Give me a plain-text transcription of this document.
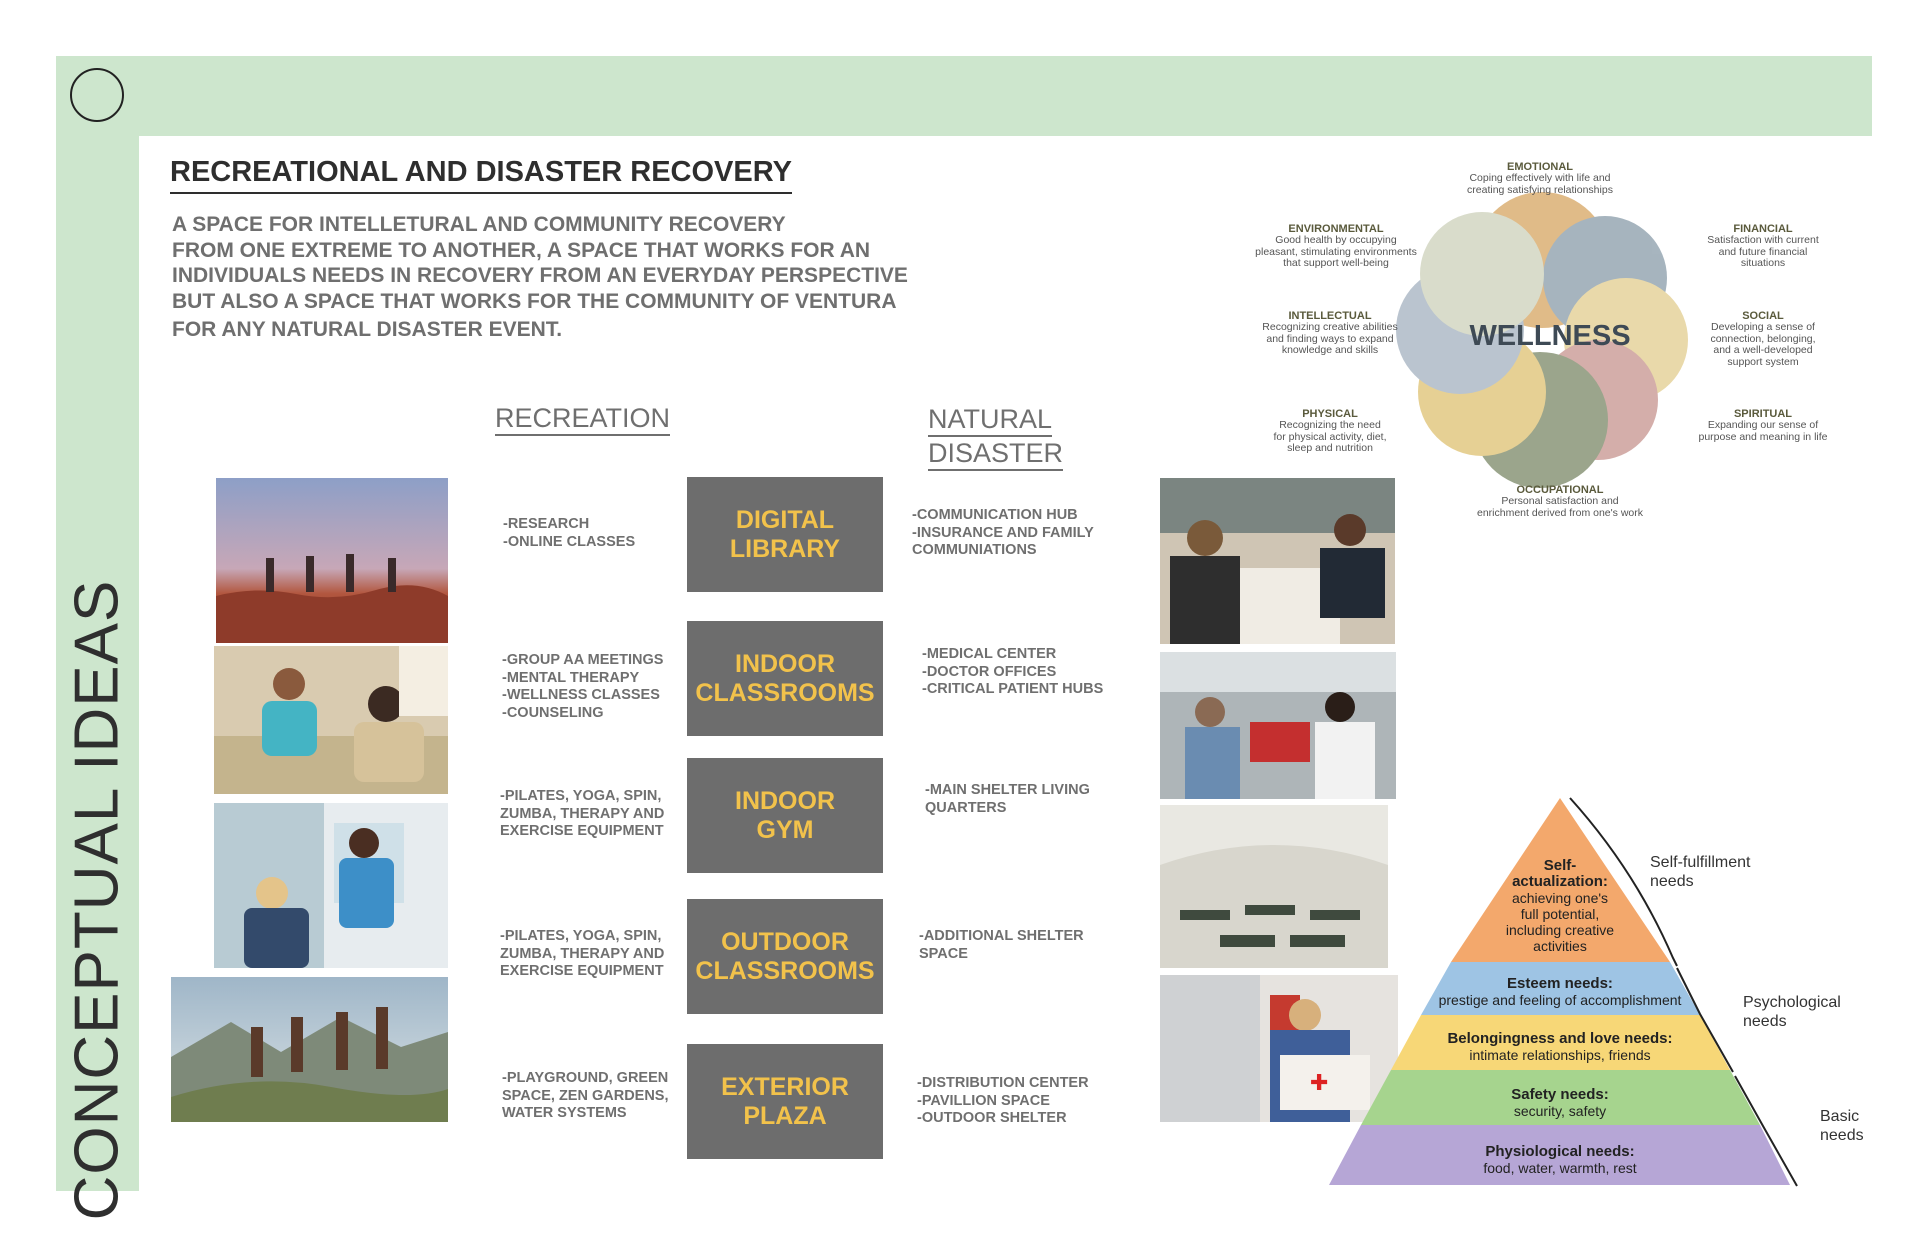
CONCEPTUAL IDEAS
RECREATIONAL AND DISASTER RECOVERY
A SPACE FOR INTELLETURAL AND COMMUNITY RECOVERY
FROM ONE EXTREME TO ANOTHER, A SPACE THAT WORKS FOR AN
INDIVIDUALS NEEDS IN RECOVERY FROM AN EVERYDAY PERSPECTIVE
BUT ALSO A SPACE THAT WORKS FOR THE COMMUNITY OF VENTURA
FOR ANY NATURAL DISASTER EVENT.
RECREATION	NATURAL
DISASTER
✚
DIGITAL
LIBRARY
INDOOR
CLASSROOMS
INDOOR
GYM
OUTDOOR
CLASSROOMS
EXTERIOR
PLAZA
-RESEARCH
-ONLINE CLASSES
-GROUP AA MEETINGS
-MENTAL THERAPY
-WELLNESS CLASSES
-COUNSELING
-PILATES, YOGA, SPIN,
ZUMBA, THERAPY AND
EXERCISE EQUIPMENT
-PILATES, YOGA, SPIN,
ZUMBA, THERAPY AND
EXERCISE EQUIPMENT
-PLAYGROUND, GREEN
SPACE, ZEN GARDENS,
WATER SYSTEMS
-COMMUNICATION HUB
-INSURANCE AND FAMILY
COMMUNIATIONS
-MEDICAL CENTER
-DOCTOR OFFICES
-CRITICAL PATIENT HUBS
-MAIN SHELTER LIVING
QUARTERS
-ADDITIONAL SHELTER
SPACE
-DISTRIBUTION CENTER
-PAVILLION SPACE
-OUTDOOR SHELTER
WELLNESS
EMOTIONAL
Coping effectively with life and
creating satisfying relationships
ENVIRONMENTAL
Good health by occupying
pleasant, stimulating environments
that support well-being
FINANCIAL
Satisfaction with current
and future financial
situations
INTELLECTUAL
Recognizing creative abilities
and finding ways to expand
knowledge and skills
SOCIAL
Developing a sense of
connection, belonging,
and a well-developed
support system
PHYSICAL
Recognizing the need
for physical activity, diet,
sleep and nutrition
SPIRITUAL
Expanding our sense of
purpose and meaning in life
OCCUPATIONAL
Personal satisfaction and
enrichment derived from one's work
Self-
actualization:
achieving one's
full potential,
including creative
activities
Esteem needs:
prestige and feeling of accomplishment
Belongingness and love needs:
intimate relationships, friends
Safety needs:
security, safety
Physiological needs:
food, water, warmth, rest
Self-fulfillment
needs
Psychological
needs
Basic
needs
